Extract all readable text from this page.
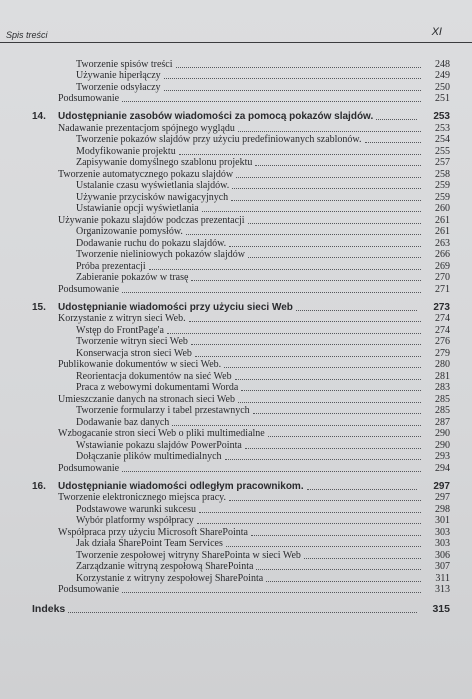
Spis treści	XI
Tworzenie spisów treści	248
Używanie hiperłączy	249
Tworzenie odsyłaczy	250
Podsumowanie	251
14.	Udostępnianie zasobów wiadomości za pomocą pokazów slajdów.	253
Nadawanie prezentacjom spójnego wyglądu	253
Tworzenie pokazów slajdów przy użyciu predefiniowanych szablonów.	254
Modyfikowanie projektu	255
Zapisywanie domyślnego szablonu projektu	257
Tworzenie automatycznego pokazu slajdów	258
Ustalanie czasu wyświetlania slajdów.	259
Używanie przycisków nawigacyjnych	259
Ustawianie opcji wyświetlania	260
Używanie pokazu slajdów podczas prezentacji	261
Organizowanie pomysłów.	261
Dodawanie ruchu do pokazu slajdów.	263
Tworzenie nieliniowych pokazów slajdów	266
Próba prezentacji	269
Zabieranie pokazów w trasę	270
Podsumowanie	271
15.	Udostępnianie wiadomości przy użyciu sieci Web	273
Korzystanie z witryn sieci Web.	274
Wstęp do FrontPage'a	274
Tworzenie witryn sieci Web	276
Konserwacja stron sieci Web	279
Publikowanie dokumentów w sieci Web.	280
Reorientacja dokumentów na sieć Web	281
Praca z webowymi dokumentami Worda	283
Umieszczanie danych na stronach sieci Web	285
Tworzenie formularzy i tabel przestawnych	285
Dodawanie baz danych	287
Wzbogacanie stron sieci Web o pliki multimedialne	290
Wstawianie pokazu slajdów PowerPointa	290
Dołączanie plików multimedialnych	293
Podsumowanie	294
16.	Udostępnianie wiadomości odległym pracownikom.	297
Tworzenie elektronicznego miejsca pracy.	297
Podstawowe warunki sukcesu	298
Wybór platformy współpracy	301
Współpraca przy użyciu Microsoft SharePointa	303
Jak działa SharePoint Team Services	303
Tworzenie zespołowej witryny SharePointa w sieci Web	306
Zarządzanie witryną zespołową SharePointa	307
Korzystanie z witryny zespołowej SharePointa	311
Podsumowanie	313
Indeks	315
